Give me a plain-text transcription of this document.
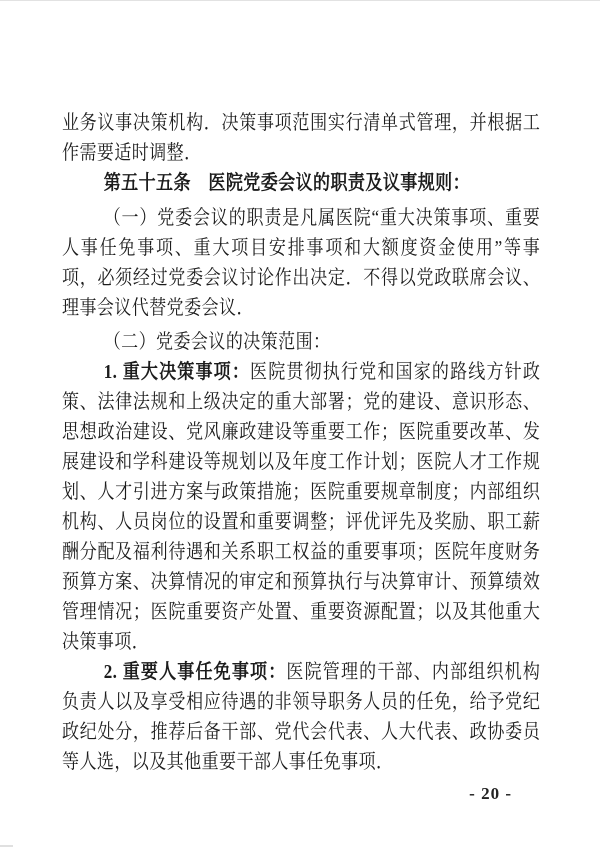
业务议事决策机构．决策事项范围实行清单式管理，并根据工作需要适时调整．

第五十五条　医院党委会议的职责及议事规则：

（一）党委会议的职责是凡属医院“重大决策事项、重要人事任免事项、重大项目安排事项和大额度资金使用”等事项，必须经过党委会议讨论作出决定．不得以党政联席会议、理事会议代替党委会议．

（二）党委会议的决策范围：

1. 重大决策事项：医院贯彻执行党和国家的路线方针政策、法律法规和上级决定的重大部署；党的建设、意识形态、思想政治建设、党风廉政建设等重要工作；医院重要改革、发展建设和学科建设等规划以及年度工作计划；医院人才工作规划、人才引进方案与政策措施；医院重要规章制度；内部组织机构、人员岗位的设置和重要调整；评优评先及奖励、职工薪酬分配及福利待遇和关系职工权益的重要事项；医院年度财务预算方案、决算情况的审定和预算执行与决算审计、预算绩效管理情况；医院重要资产处置、重要资源配置；以及其他重大决策事项．

2. 重要人事任免事项：医院管理的干部、内部组织机构负责人以及享受相应待遇的非领导职务人员的任免，给予党纪政纪处分，推荐后备干部、党代会代表、人大代表、政协委员等人选，以及其他重要干部人事任免事项．

- 20 -
